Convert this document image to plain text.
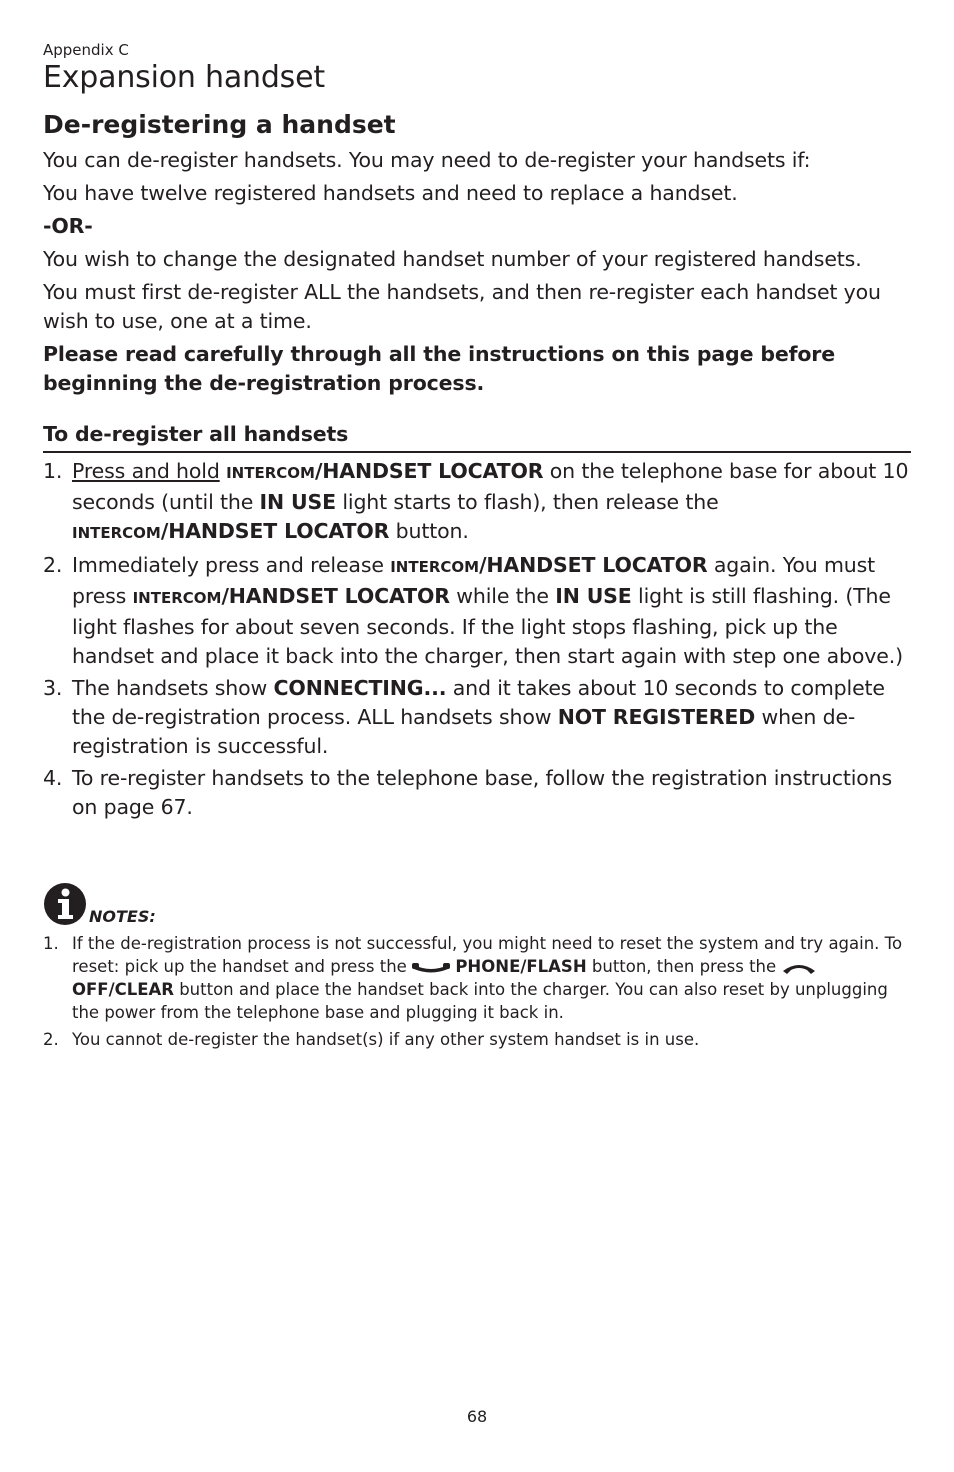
Appendix C
Expansion handset
De-registering a handset

You can de-register handsets. You may need to de-register your handsets if:

You have twelve registered handsets and need to replace a handset.

-OR-

You wish to change the designated handset number of your registered handsets.

You must first de-register ALL the handsets, and then re-register each handset you wish to use, one at a time.

Please read carefully through all the instructions on this page before beginning the de-registration process.

To de-register all handsets
1. Press and hold INTERCOM/HANDSET LOCATOR on the telephone base for about 10 seconds (until the IN USE light starts to flash), then release the INTERCOM/HANDSET LOCATOR button.
2. Immediately press and release INTERCOM/HANDSET LOCATOR again. You must press INTERCOM/HANDSET LOCATOR while the IN USE light is still flashing. (The light flashes for about seven seconds. If the light stops flashing, pick up the handset and place it back into the charger, then start again with step one above.)
3. The handsets show CONNECTING... and it takes about 10 seconds to complete the de-registration process. ALL handsets show NOT REGISTERED when de-registration is successful.
4. To re-register handsets to the telephone base, follow the registration instructions on page 67.
NOTES:
1. If the de-registration process is not successful, you might need to reset the system and try again. To reset: pick up the handset and press the	PHONE/FLASH button, then press the  OFF/CLEAR button and place the handset back into the charger. You can also reset by unplugging the power from the telephone base and plugging it back in.
2. You cannot de-register the handset(s) if any other system handset is in use.
68
